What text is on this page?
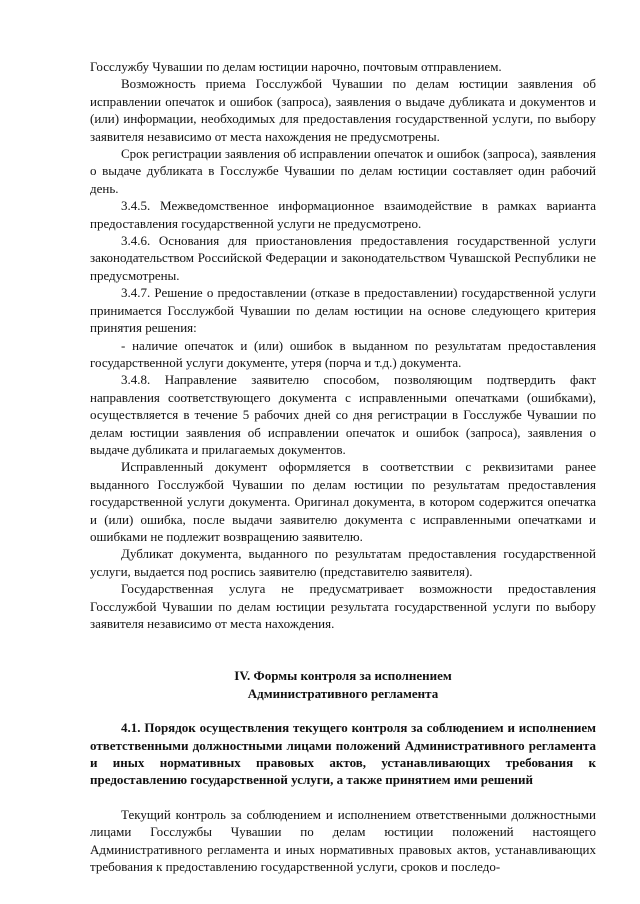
Госслужбу Чувашии по делам юстиции нарочно, почтовым отправлением.

Возможность приема Госслужбой Чувашии по делам юстиции заявления об исправлении опечаток и ошибок (запроса), заявления о выдаче дубликата и документов и (или) информации, необходимых для предоставления государственной услуги, по выбору заявителя независимо от места нахождения не предусмотрены.

Срок регистрации заявления об исправлении опечаток и ошибок (запроса), заявления о выдаче дубликата в Госслужбе Чувашии по делам юстиции составляет один рабочий день.

3.4.5. Межведомственное информационное взаимодействие в рамках варианта предоставления государственной услуги не предусмотрено.

3.4.6. Основания для приостановления предоставления государственной услуги законодательством Российской Федерации и законодательством Чувашской Республики не предусмотрены.

3.4.7. Решение о предоставлении (отказе в предоставлении) государственной услуги принимается Госслужбой Чувашии по делам юстиции на основе следующего критерия принятия решения:

- наличие опечаток и (или) ошибок в выданном по результатам предоставления государственной услуги документе, утеря (порча и т.д.) документа.

3.4.8. Направление заявителю способом, позволяющим подтвердить факт направления соответствующего документа с исправленными опечатками (ошибками), осуществляется в течение 5 рабочих дней со дня регистрации в Госслужбе Чувашии по делам юстиции заявления об исправлении опечаток и ошибок (запроса), заявления о выдаче дубликата и прилагаемых документов.

Исправленный документ оформляется в соответствии с реквизитами ранее выданного Госслужбой Чувашии по делам юстиции по результатам предоставления государственной услуги документа. Оригинал документа, в котором содержится опечатка и (или) ошибка, после выдачи заявителю документа с исправленными опечатками и ошибками не подлежит возвращению заявителю.

Дубликат документа, выданного по результатам предоставления государственной услуги, выдается под роспись заявителю (представителю заявителя).

Государственная услуга не предусматривает возможности предоставления Госслужбой Чувашии по делам юстиции результата государственной услуги по выбору заявителя независимо от места нахождения.

IV. Формы контроля за исполнением
Административного регламента

4.1. Порядок осуществления текущего контроля за соблюдением и исполнением ответственными должностными лицами положений Административного регламента и иных нормативных правовых актов, устанавливающих требования к предоставлению государственной услуги, а также принятием ими решений

Текущий контроль за соблюдением и исполнением ответственными должностными лицами Госслужбы Чувашии по делам юстиции положений настоящего Административного регламента и иных нормативных правовых актов, устанавливающих требования к предоставлению государственной услуги, сроков и последо-
